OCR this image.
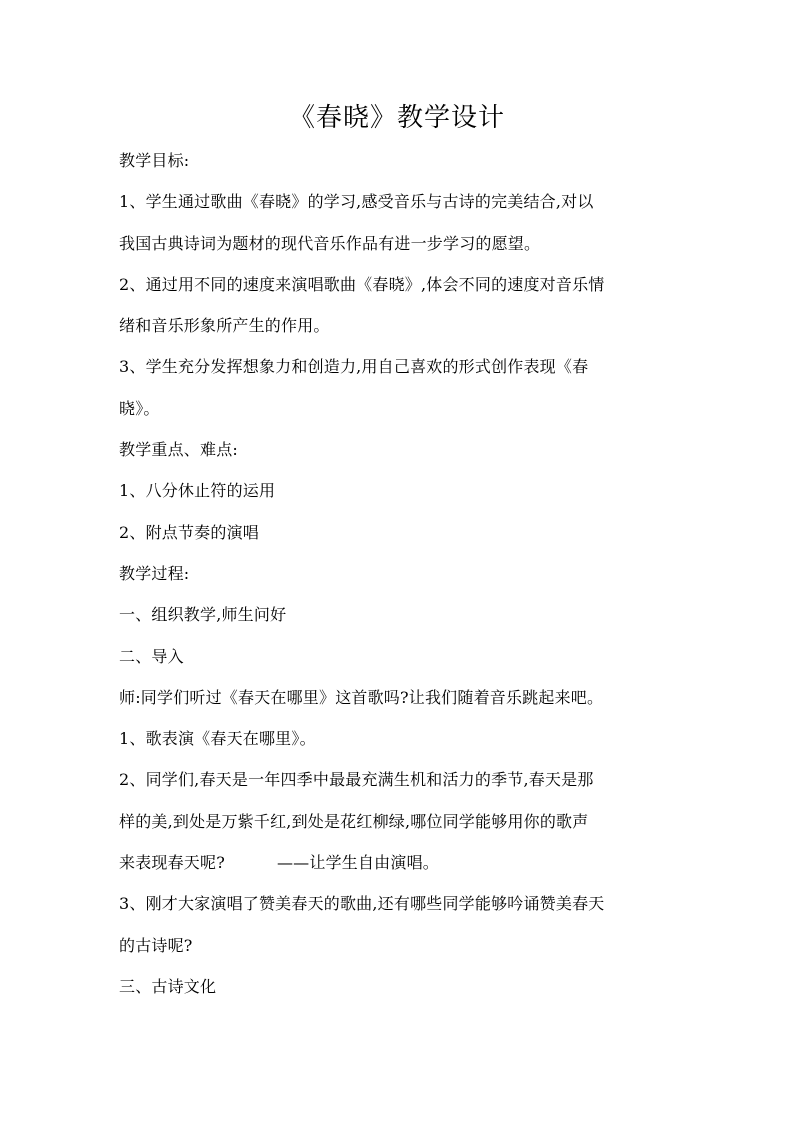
《春晓》教学设计
教学目标:
1、学生通过歌曲《春晓》的学习,感受音乐与古诗的完美结合,对以
我国古典诗词为题材的现代音乐作品有进一步学习的愿望。
2、通过用不同的速度来演唱歌曲《春晓》,体会不同的速度对音乐情
绪和音乐形象所产生的作用。
3、学生充分发挥想象力和创造力,用自己喜欢的形式创作表现《春
晓》。
教学重点、难点:
1、八分休止符的运用
2、附点节奏的演唱
教学过程:
一、组织教学,师生问好
二、导入
师:同学们听过《春天在哪里》这首歌吗?让我们随着音乐跳起来吧。
1、歌表演《春天在哪里》。
2、同学们,春天是一年四季中最最充满生机和活力的季节,春天是那
样的美,到处是万紫千红,到处是花红柳绿,哪位同学能够用你的歌声
来表现春天呢?	——让学生自由演唱。
3、刚才大家演唱了赞美春天的歌曲,还有哪些同学能够吟诵赞美春天
的古诗呢?
三、古诗文化
